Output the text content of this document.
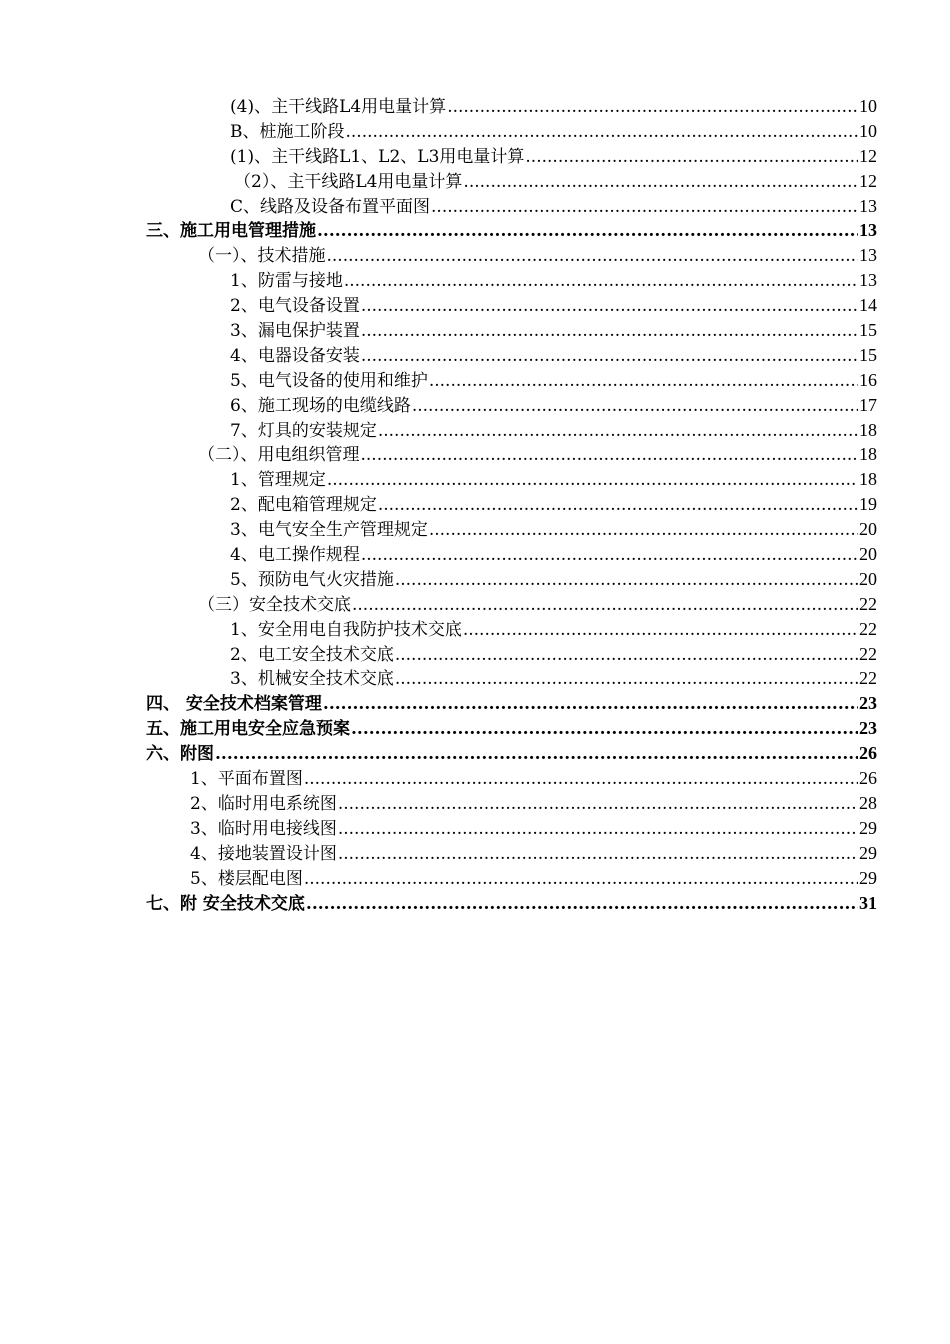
(4)、主干线路L4用电量计算 .....	10
B、桩施工阶段 .....	10
(1)、主干线路L1、L2、L3用电量计算 .....	12
（2）、主干线路L4用电量计算 .....	12
C、线路及设备布置平面图 .....	13
三、施工用电管理措施 .....	13
（一）、技术措施 .....	13
1、防雷与接地 .....	13
2、电气设备设置 .....	14
3、漏电保护装置 .....	15
4、电器设备安装 .....	15
5、电气设备的使用和维护 .....	16
6、施工现场的电缆线路 .....	17
7、灯具的安装规定 .....	18
（二）、用电组织管理 .....	18
1、管理规定 .....	18
2、配电箱管理规定 .....	19
3、电气安全生产管理规定 .....	20
4、电工操作规程 .....	20
5、预防电气火灾措施 .....	20
（三）安全技术交底 .....	22
1、安全用电自我防护技术交底 .....	22
2、电工安全技术交底 .....	22
3、机械安全技术交底 .....	22
四、 安全技术档案管理 .....	23
五、施工用电安全应急预案 .....	23
六、附图 .....	26
1、平面布置图 .....	26
2、临时用电系统图 .....	28
3、临时用电接线图 .....	29
4、接地装置设计图 .....	29
5、楼层配电图 .....	29
七、附 安全技术交底 .....	31
